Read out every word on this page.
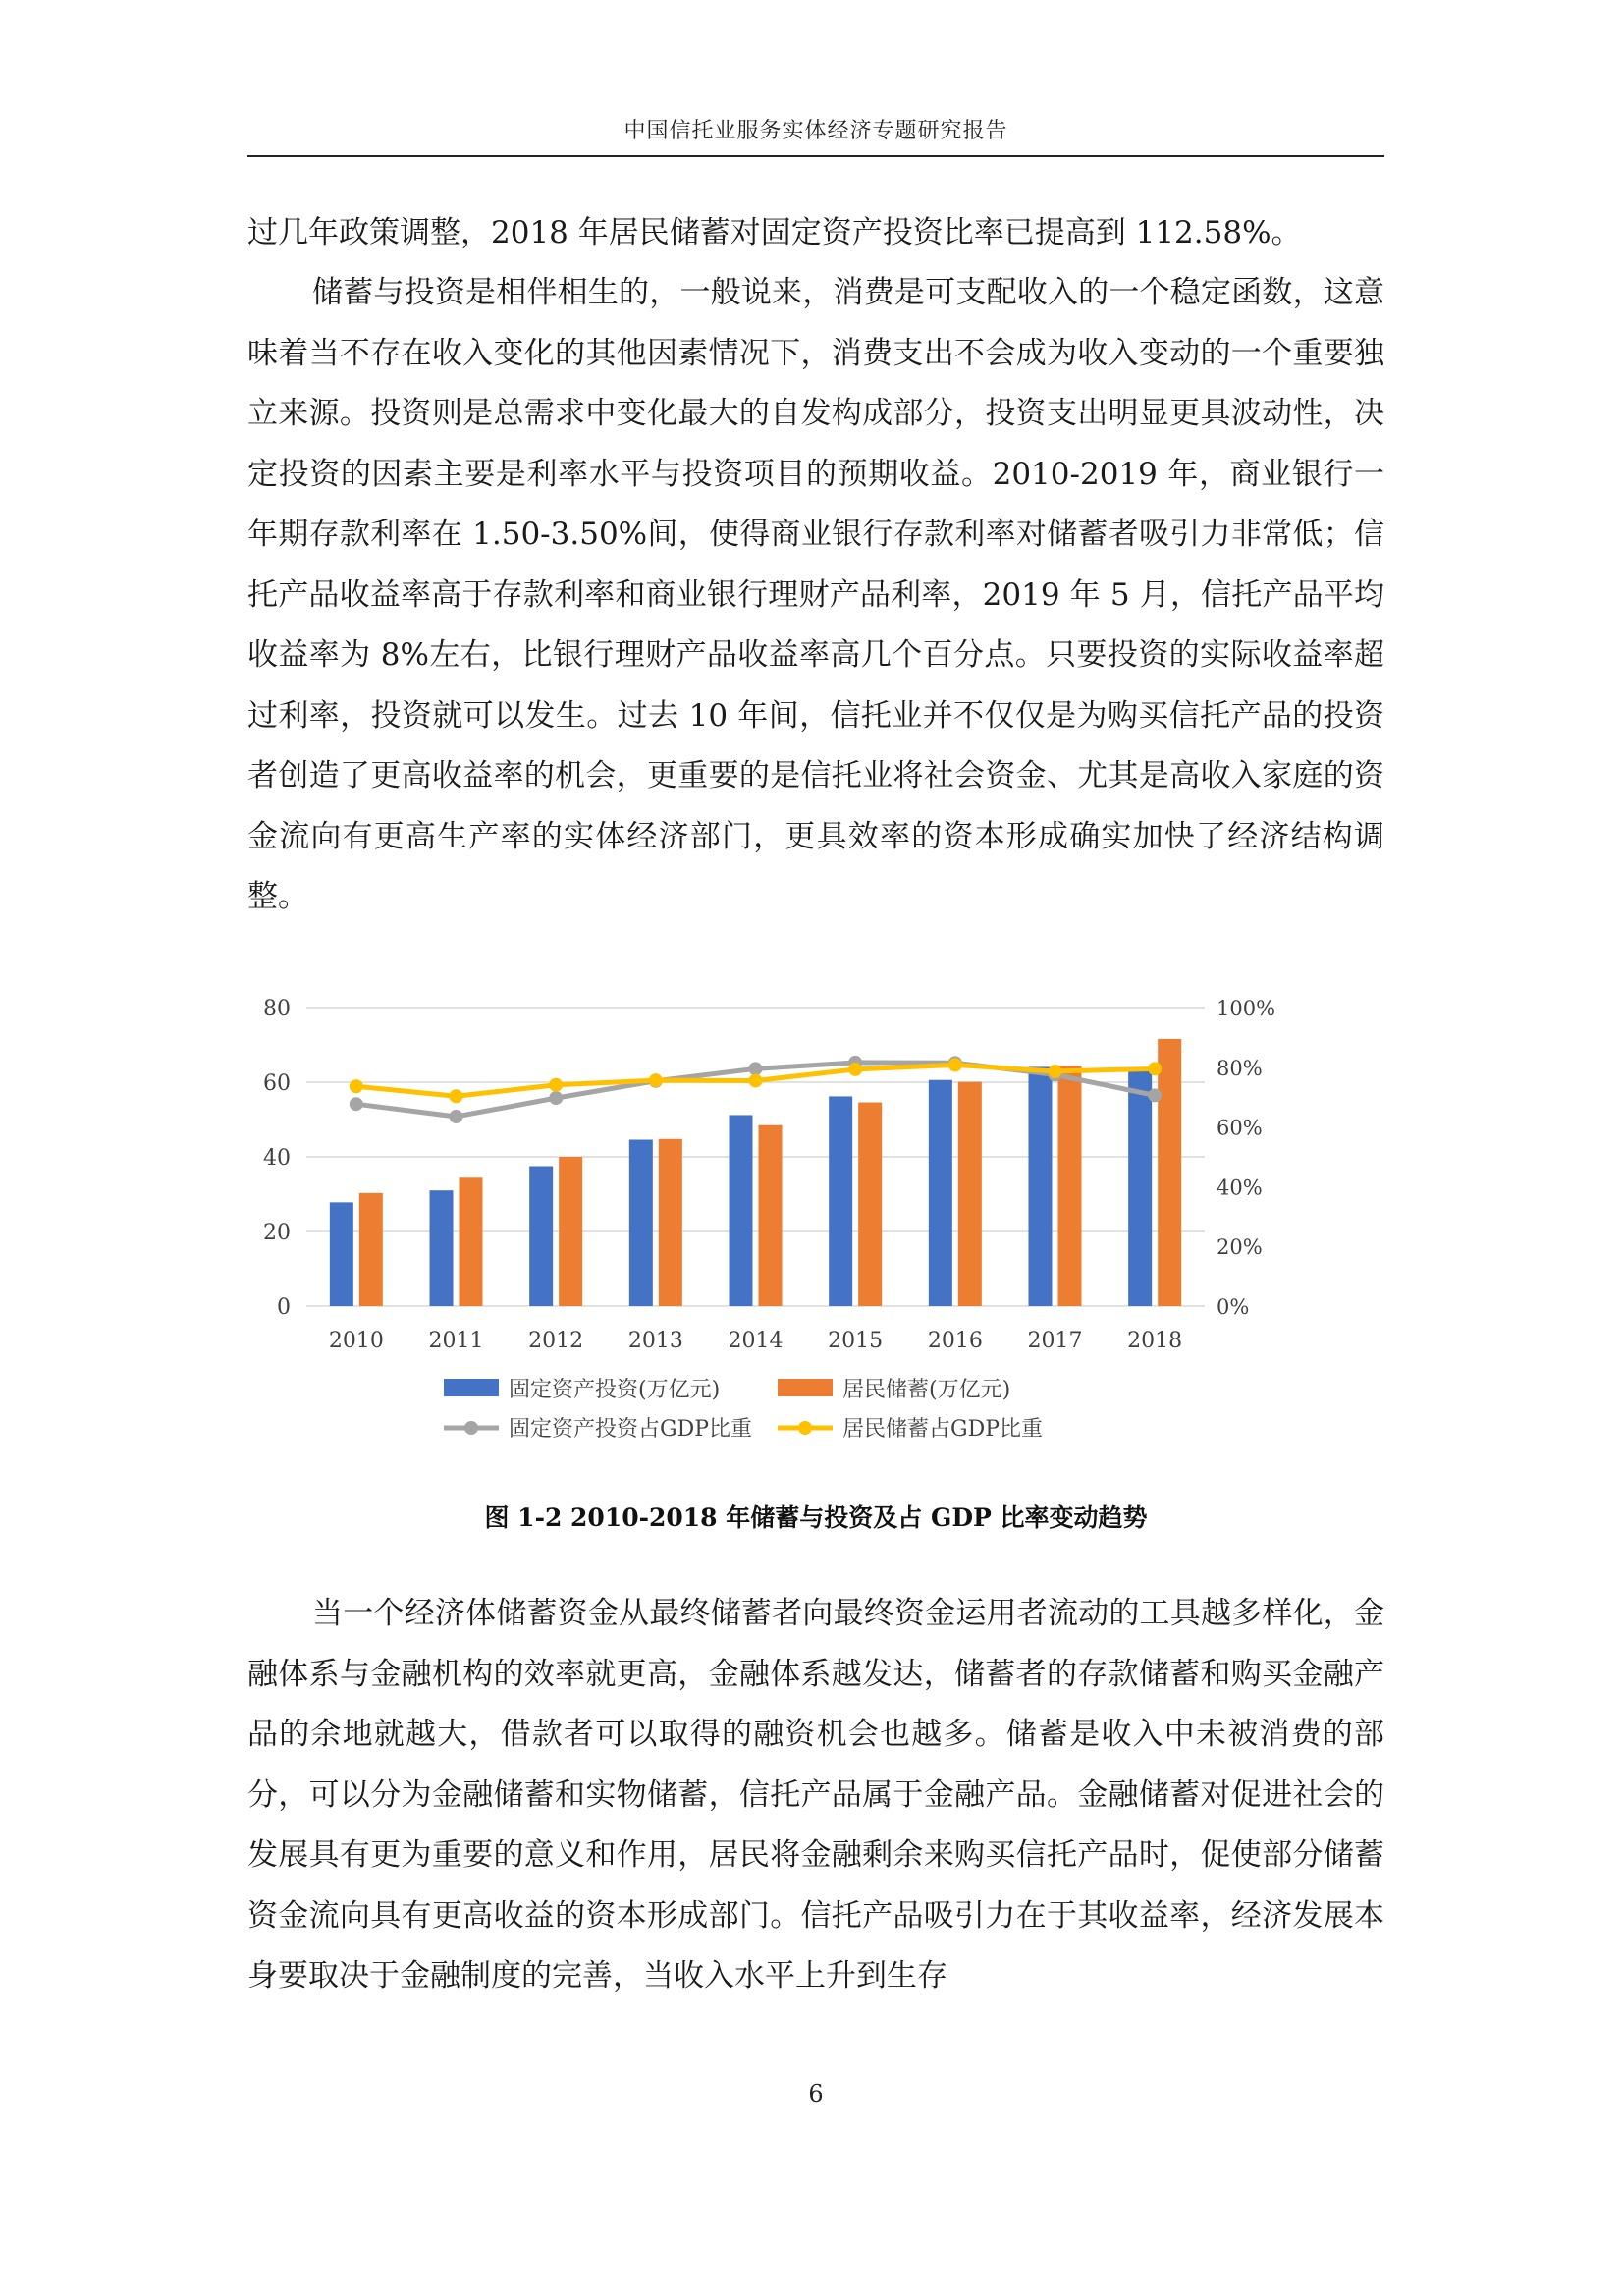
中国信托业服务实体经济专题研究报告

过几年政策调整，2018 年居民储蓄对固定资产投资比率已提高到 112.58%。

储蓄与投资是相伴相生的，一般说来，消费是可支配收入的一个稳定函数，这意味着当不存在收入变化的其他因素情况下，消费支出不会成为收入变动的一个重要独立来源。投资则是总需求中变化最大的自发构成部分，投资支出明显更具波动性，决定投资的因素主要是利率水平与投资项目的预期收益。2010-2019 年，商业银行一年期存款利率在 1.50-3.50%间，使得商业银行存款利率对储蓄者吸引力非常低；信托产品收益率高于存款利率和商业银行理财产品利率，2019 年 5 月，信托产品平均收益率为 8%左右，比银行理财产品收益率高几个百分点。只要投资的实际收益率超过利率，投资就可以发生。过去 10 年间，信托业并不仅仅是为购买信托产品的投资者创造了更高收益率的机会，更重要的是信托业将社会资金、尤其是高收入家庭的资金流向有更高生产率的实体经济部门，更具效率的资本形成确实加快了经济结构调整。

0
20
40
60
80
0%
20%
40%
60%
80%
100%
2010 2011 2012 2013 2014 2015 2016 2017 2018
固定资产投资(万亿元)	居民储蓄(万亿元)
固定资产投资占GDP比重	居民储蓄占GDP比重
图 1-2 2010-2018 年储蓄与投资及占 GDP 比率变动趋势

当一个经济体储蓄资金从最终储蓄者向最终资金运用者流动的工具越多样化，金融体系与金融机构的效率就更高，金融体系越发达，储蓄者的存款储蓄和购买金融产品的余地就越大，借款者可以取得的融资机会也越多。储蓄是收入中未被消费的部分，可以分为金融储蓄和实物储蓄，信托产品属于金融产品。金融储蓄对促进社会的发展具有更为重要的意义和作用，居民将金融剩余来购买信托产品时，促使部分储蓄资金流向具有更高收益的资本形成部门。信托产品吸引力在于其收益率，经济发展本身要取决于金融制度的完善，当收入水平上升到生存

6
